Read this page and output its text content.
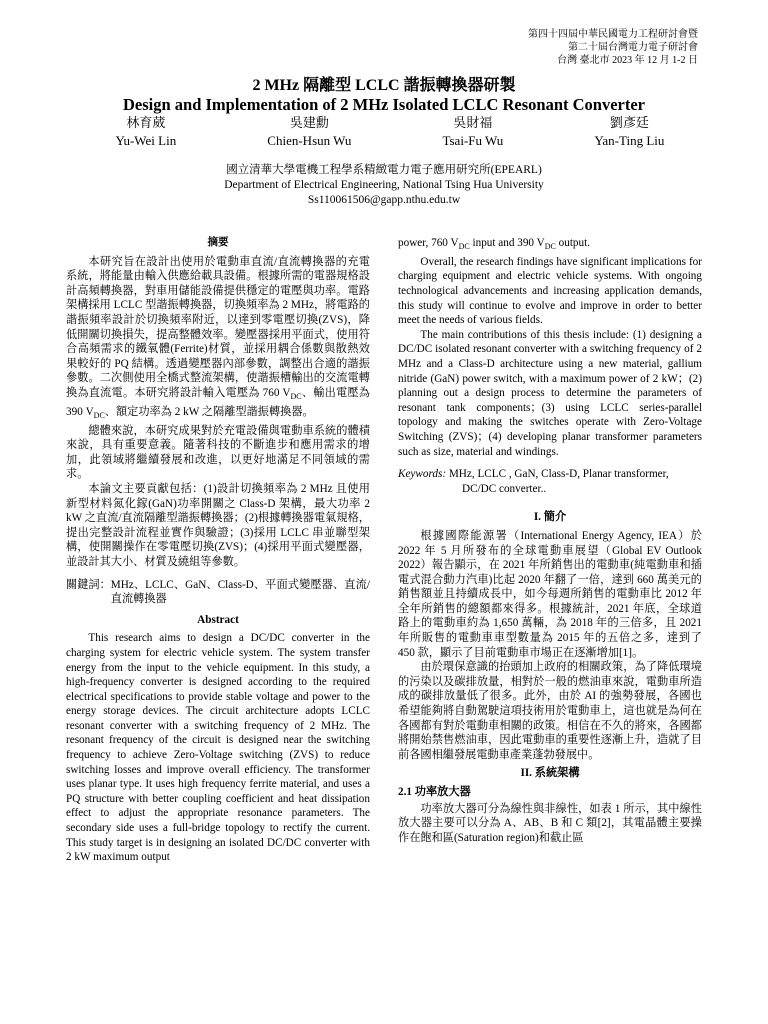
第四十四屆中華民國電力工程研討會暨
第二十屆台灣電力電子研討會
台灣 臺北市 2023 年 12 月 1-2 日
2 MHz 隔離型 LCLC 諧振轉換器研製
Design and Implementation of 2 MHz Isolated LCLC Resonant Converter
林育葳
Yu-Wei Lin
吳建勳
Chien-Hsun Wu
吳財福
Tsai-Fu Wu
劉彥廷
Yan-Ting Liu
國立清華大學電機工程學系精緻電力電子應用研究所(EPEARL)
Department of Electrical Engineering, National Tsing Hua University
Ss110061506@gapp.nthu.edu.tw
摘要

本研究旨在設計出使用於電動車直流/直流轉換器的充電系統，將能量由輸入供應給載具設備。根據所需的電器規格設計高頻轉換器，對車用儲能設備提供穩定的電壓與功率。電路架構採用 LCLC 型諧振轉換器，切換頻率為 2 MHz，將電路的諧振頻率設計於切換頻率附近，以達到零電壓切換(ZVS)，降低開關切換損失，提高整體效率。變壓器採用平面式，使用符合高頻需求的鐵氧體(Ferrite)材質，並採用耦合係數與散熱效果較好的 PQ 結構。透過變壓器內部參數，調整出合適的諧振參數。二次側使用全橋式整流架構，使諧振槽輸出的交流電轉換為直流電。本研究將設計輸入電壓為 760 $V_{DC}$、輸出電壓為 390 $V_{DC}$、額定功率為 2 kW 之隔離型諧振轉換器。

總體來說，本研究成果對於充電設備與電動車系統的體積來說，具有重要意義。隨著科技的不斷進步和應用需求的增加，此領域將繼續發展和改進，以更好地滿足不同領域的需求。

本論文主要貢獻包括：(1)設計切換頻率為 2 MHz 且使用新型材料氮化鎵(GaN)功率開關之 Class-D 架構，最大功率 2 kW 之直流/直流隔離型諧振轉換器；(2)根據轉換器電氣規格，提出完整設計流程並實作與驗證；(3)採用 LCLC 串並聯型架構，使開關操作在零電壓切換(ZVS)；(4)採用平面式變壓器，並設計其大小、材質及繞組等參數。

關鍵詞： MHz、LCLC、GaN、Class-D、平面式變壓器、直流/直流轉換器
Abstract

This research aims to design a DC/DC converter in the charging system for electric vehicle system. The system transfer energy from the input to the vehicle equipment. In this study, a high-frequency converter is designed according to the required electrical specifications to provide stable voltage and power to the energy storage devices. The circuit architecture adopts LCLC resonant converter with a switching frequency of 2 MHz. The resonant frequency of the circuit is designed near the switching frequency to achieve Zero-Voltage switching (ZVS) to reduce switching losses and improve overall efficiency. The transformer uses planar type. It uses high frequency ferrite material, and uses a PQ structure with better coupling coefficient and heat dissipation effect to adjust the appropriate resonance parameters. The secondary side uses a full-bridge topology to rectify the current. This study target is in designing an isolated DC/DC converter with 2 kW maximum output

power, 760 $V_{DC}$ input and 390 $V_{DC}$ output.

Overall, the research findings have significant implications for charging equipment and electric vehicle systems. With ongoing technological advancements and increasing application demands, this study will continue to evolve and improve in order to better meet the needs of various fields.

The main contributions of this thesis include: (1) designing a DC/DC isolated resonant converter with a switching frequency of 2 MHz and a Class-D architecture using a new material, gallium nitride (GaN) power switch, with a maximum power of 2 kW；(2) planning out a design process to determine the parameters of resonant tank components；(3) using LCLC series-parallel topology and making the switches operate with Zero-Voltage Switching (ZVS)；(4) developing planar transformer parameters such as size, material and windings.

Keywords: MHz, LCLC , GaN, Class-D, Planar transformer,
DC/DC converter..
I. 簡介

根據國際能源署（International Energy Agency, IEA）於 2022 年 5 月所發布的全球電動車展望（Global EV Outlook 2022）報告顯示，在 2021 年所銷售出的電動車(純電動車和插電式混合動力汽車)比起 2020 年翻了一倍，達到 660 萬美元的銷售額並且持續成長中，如今每週所銷售的電動車比 2012 年全年所銷售的總額都來得多。根據統計，2021 年底，全球道路上的電動車約為 1,650 萬輛，為 2018 年的三倍多，且 2021 年所販售的電動車車型數量為 2015 年的五倍之多，達到了 450 款，顯示了目前電動車市場正在逐漸增加[1]。

由於環保意識的抬頭加上政府的相關政策，為了降低環境的污染以及碳排放量，相對於一般的燃油車來說，電動車所造成的碳排放量低了很多。此外，由於 AI 的強勢發展，各國也希望能夠將自動駕駛這項技術用於電動車上，這也就是為何在各國都有對於電動車相關的政策。相信在不久的將來，各國都將開始禁售燃油車，因此電動車的重要性逐漸上升，造就了目前各國相繼發展電動車產業蓬勃發展中。

II. 系統架構
2.1 功率放大器

功率放大器可分為線性與非線性，如表 1 所示，其中線性放大器主要可以分為 A、AB、B 和 C 類[2]，其電晶體主要操作在飽和區(Saturation region)和截止區
